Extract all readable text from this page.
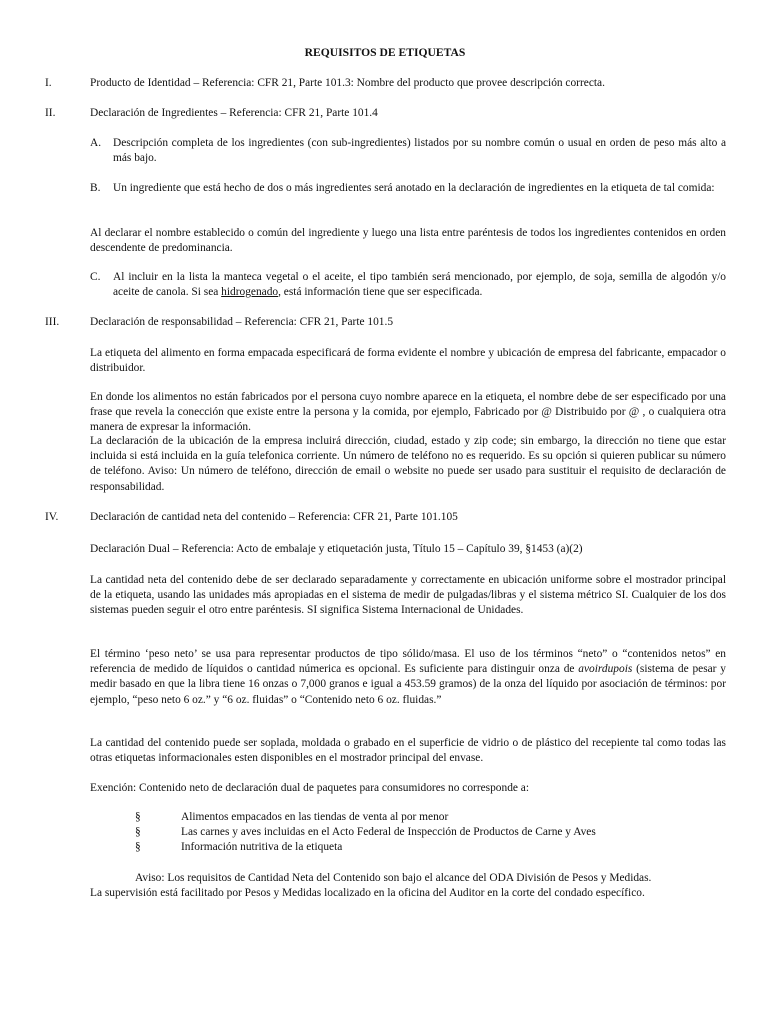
REQUISITOS DE ETIQUETAS
I.	Producto de Identidad – Referencia: CFR 21, Parte 101.3: Nombre del producto que provee descripción correcta.
II.	Declaración de Ingredientes – Referencia: CFR 21, Parte 101.4
A. Descripción completa de los ingredientes (con sub-ingredientes) listados por su nombre común o usual en orden de peso más alto a más bajo.
B. Un ingrediente que está hecho de dos o más ingredientes será anotado en la declaración de ingredientes en la etiqueta de tal comida:
Al declarar el nombre establecido o común del ingrediente y luego una lista entre paréntesis de todos los ingredientes contenidos en orden descendente de predominancia.
C. Al incluir en la lista la manteca vegetal o el aceite, el tipo también será mencionado, por ejemplo, de soja, semilla de algodón y/o aceite de canola. Si sea hidrogenado, está información tiene que ser especificada.
III.	Declaración de responsabilidad – Referencia: CFR 21, Parte 101.5
La etiqueta del alimento en forma empacada especificará de forma evidente el nombre y ubicación de empresa del fabricante, empacador o distribuidor.
En donde los alimentos no están fabricados por el persona cuyo nombre aparece en la etiqueta, el nombre debe de ser especificado por una frase que revela la conección que existe entre la persona y la comida, por ejemplo, Fabricado por @ Distribuido por @ , o cualquiera otra manera de expresar la información.
La declaración de la ubicación de la empresa incluirá dirección, ciudad, estado y zip code; sin embargo, la dirección no tiene que estar incluida si está incluida en la guía telefonica corriente. Un número de teléfono no es requerido. Es su opción si quieren publicar su número de teléfono. Aviso: Un número de teléfono, dirección de email o website no puede ser usado para sustituir el requisito de declaración de responsabilidad.
IV.	Declaración de cantidad neta del contenido – Referencia: CFR 21, Parte 101.105
Declaración Dual – Referencia: Acto de embalaje y etiquetación justa, Título 15 – Capítulo 39, §1453 (a)(2)
La cantidad neta del contenido debe de ser declarado separadamente y correctamente en ubicación uniforme sobre el mostrador principal de la etiqueta, usando las unidades más apropiadas en el sistema de medir de pulgadas/libras y el sistema métrico SI. Cualquier de los dos sistemas pueden seguir el otro entre paréntesis. SI significa Sistema Internacional de Unidades.
El término ‘peso neto’ se usa para representar productos de tipo sólido/masa. El uso de los términos “neto” o “contenidos netos” en referencia de medido de líquidos o cantidad númerica es opcional. Es suficiente para distinguir onza de avoirdupois (sistema de pesar y medir basado en que la libra tiene 16 onzas o 7,000 granos e igual a 453.59 gramos) de la onza del líquido por asociación de términos: por ejemplo, “peso neto 6 oz.” y “6 oz. fluidas” o “Contenido neto 6 oz. fluidas.”
La cantidad del contenido puede ser soplada, moldada o grabado en el superficie de vidrio o de plástico del recepiente tal como todas las otras etiquetas informacionales esten disponibles en el mostrador principal del envase.
Exención: Contenido neto de declaración dual de paquetes para consumidores no corresponde a:
§	Alimentos empacados en las tiendas de venta al por menor
§	Las carnes y aves incluidas en el Acto Federal de Inspección de Productos de Carne y Aves
§	Información nutritiva de la etiqueta
Aviso: Los requisitos de Cantidad Neta del Contenido son bajo el alcance del ODA División de Pesos y Medidas.
La supervisión está facilitado por Pesos y Medidas localizado en la oficina del Auditor en la corte del condado específico.
